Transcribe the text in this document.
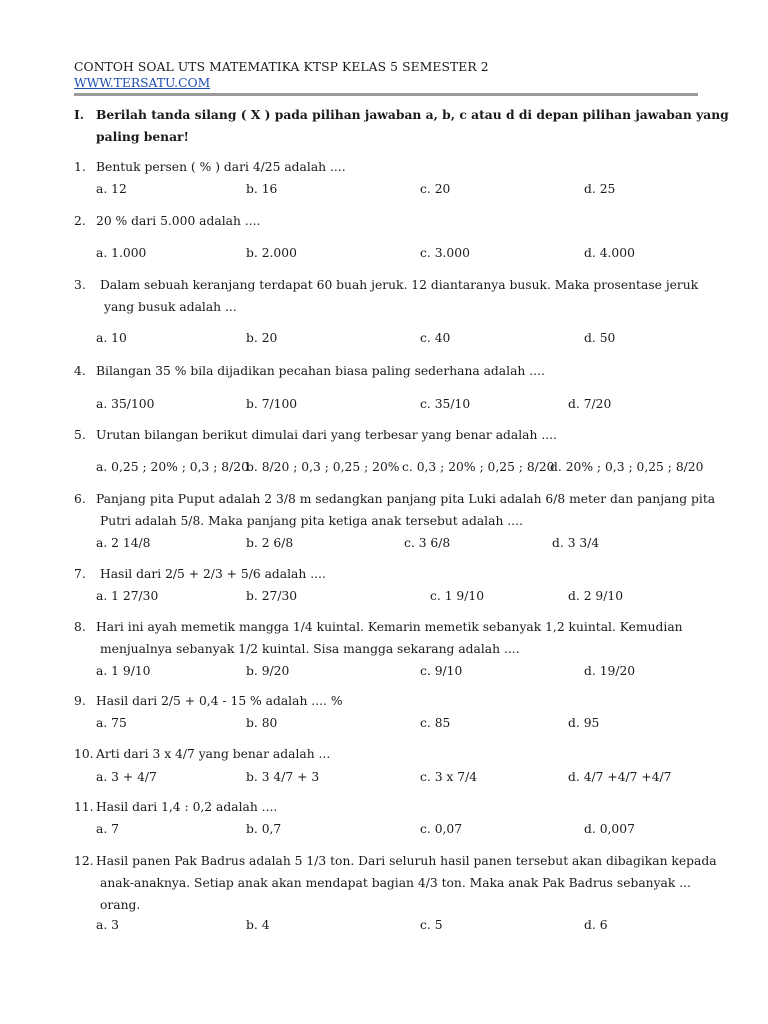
CONTOH SOAL UTS MATEMATIKA KTSP KELAS 5 SEMESTER 2
WWW.TERSATU.COM
I. Berilah tanda silang ( X ) pada pilihan jawaban a, b, c atau d di depan pilihan jawaban yang
paling benar!
1. Bentuk persen ( % ) dari 4/25 adalah ....
a. 12	b. 16	c. 20	d. 25
2. 20 % dari 5.000 adalah ....
a. 1.000	b. 2.000	c. 3.000	d. 4.000
3. Dalam sebuah keranjang terdapat 60 buah jeruk. 12 diantaranya busuk. Maka prosentase jeruk
yang busuk adalah ...
a. 10	b. 20	c. 40	d. 50
4. Bilangan 35 % bila dijadikan pecahan biasa paling sederhana adalah ....
a. 35/100	b. 7/100	c. 35/10	d. 7/20
5. Urutan bilangan berikut dimulai dari yang terbesar yang benar adalah ....
a. 0,25 ; 20% ; 0,3 ; 8/20
b. 8/20 ; 0,3 ; 0,25 ; 20% c. 0,3 ; 20% ; 0,25 ; 8/20
d. 20% ; 0,3 ; 0,25 ; 8/20
6. Panjang pita Puput adalah 2 3/8 m sedangkan panjang pita Luki adalah 6/8 meter dan panjang pita
Putri adalah 5/8. Maka panjang pita ketiga anak tersebut adalah ....
a. 2 14/8	b. 2 6/8	c. 3 6/8	d. 3 3/4
7. Hasil dari 2/5 + 2/3 + 5/6 adalah ....
a. 1 27/30	b. 27/30	c. 1 9/10	d. 2 9/10
8. Hari ini ayah memetik mangga 1/4 kuintal. Kemarin memetik sebanyak 1,2 kuintal. Kemudian
menjualnya sebanyak 1/2 kuintal. Sisa mangga sekarang adalah ....
a. 1 9/10	b. 9/20	c. 9/10	d. 19/20
9. Hasil dari 2/5 + 0,4 - 15 % adalah .... %
a. 75	b. 80	c. 85	d. 95
10. Arti dari 3 x 4/7 yang benar adalah ...
a. 3 + 4/7	b. 3 4/7 + 3	c. 3 x 7/4	d. 4/7 +4/7 +4/7
11. Hasil dari 1,4 : 0,2 adalah ....
a. 7	b. 0,7	c. 0,07	d. 0,007
12. Hasil panen Pak Badrus adalah 5 1/3 ton. Dari seluruh hasil panen tersebut akan dibagikan kepada
anak-anaknya. Setiap anak akan mendapat bagian 4/3 ton. Maka anak Pak Badrus sebanyak ...
orang.
a. 3	b. 4	c. 5	d. 6
